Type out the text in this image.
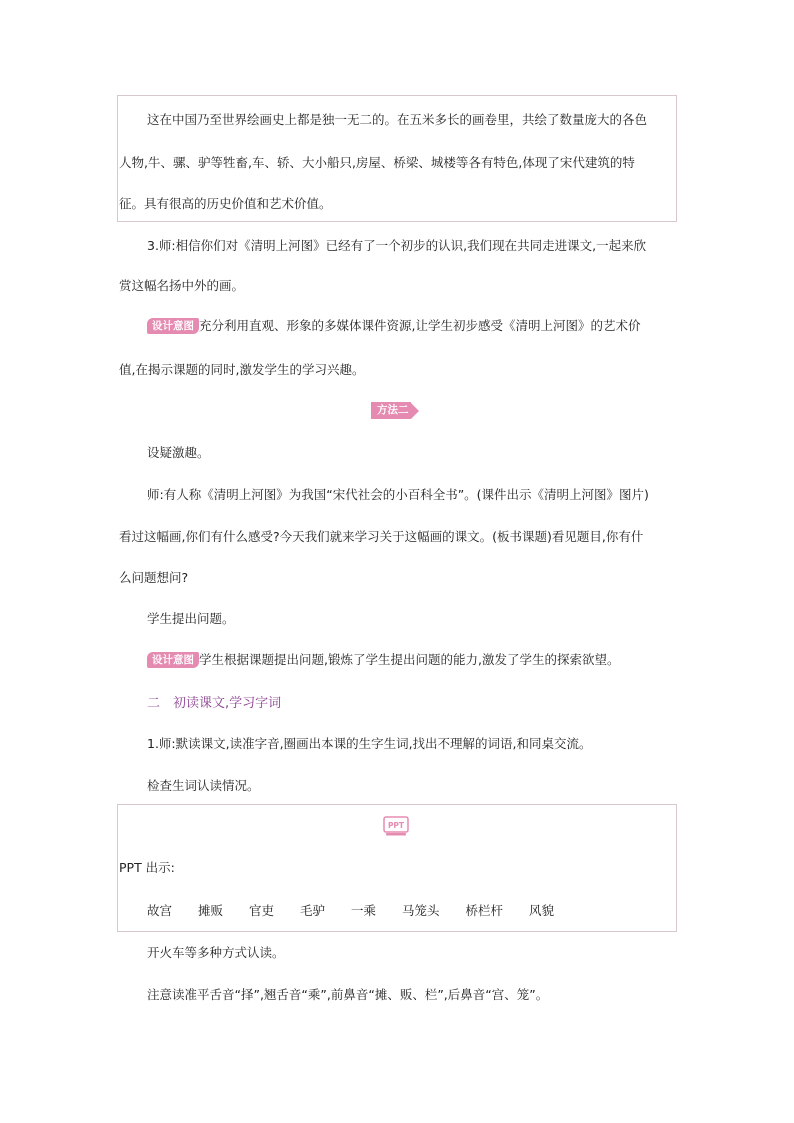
这在中国乃至世界绘画史上都是独一无二的。在五米多长的画卷里，共绘了数量庞大的各色
人物,牛、骡、驴等牲畜,车、轿、大小船只,房屋、桥梁、城楼等各有特色,体现了宋代建筑的特
征。具有很高的历史价值和艺术价值。
3.师:相信你们对《清明上河图》已经有了一个初步的认识,我们现在共同走进课文,一起来欣
赏这幅名扬中外的画。
设计意图 充分利用直观、形象的多媒体课件资源,让学生初步感受《清明上河图》的艺术价
值,在揭示课题的同时,激发学生的学习兴趣。
方法二
设疑激趣。
师:有人称《清明上河图》为我国“宋代社会的小百科全书”。(课件出示《清明上河图》图片)
看过这幅画,你们有什么感受?今天我们就来学习关于这幅画的课文。(板书课题)看见题目,你有什
么问题想问?
学生提出问题。
设计意图 学生根据课题提出问题,锻炼了学生提出问题的能力,激发了学生的探索欲望。
二　初读课文,学习字词
1.师:默读课文,读准字音,圈画出本课的生字生词,找出不理解的词语,和同桌交流。
检查生词认读情况。
PPT
PPT 出示:
故宫 摊贩 官吏 毛驴 一乘 马笼头 桥栏杆 风貌
开火车等多种方式认读。
注意读准平舌音“择”,翘舌音“乘”,前鼻音“摊、贩、栏”,后鼻音“宫、笼”。
